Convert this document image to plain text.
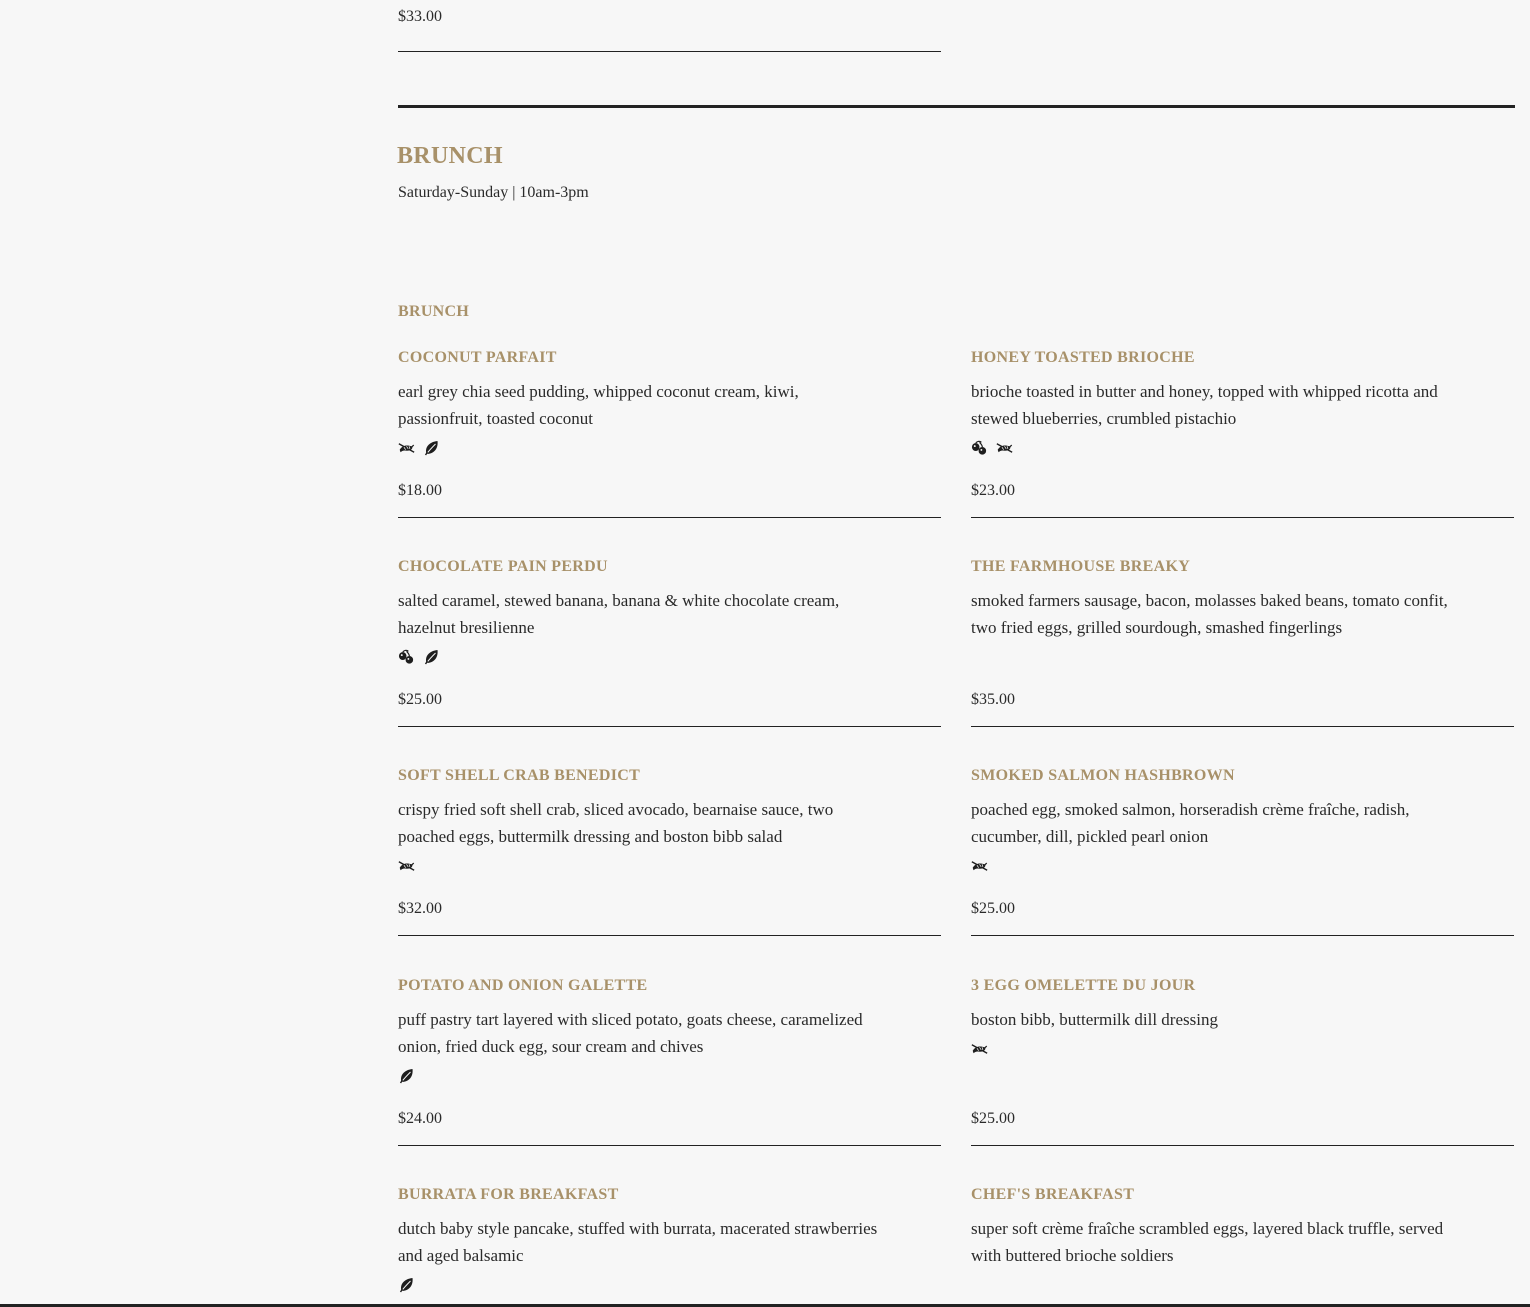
$33.00
BRUNCH
Saturday-Sunday | 10am-3pm
BRUNCH
COCONUT PARFAIT
earl grey chia seed pudding, whipped coconut cream, kiwi, passionfruit, toasted coconut
$18.00
HONEY TOASTED BRIOCHE
brioche toasted in butter and honey, topped with whipped ricotta and stewed blueberries, crumbled pistachio
$23.00
CHOCOLATE PAIN PERDU
salted caramel, stewed banana, banana & white chocolate cream, hazelnut bresilienne
$25.00
THE FARMHOUSE BREAKY
smoked farmers sausage, bacon, molasses baked beans, tomato confit, two fried eggs, grilled sourdough, smashed fingerlings
$35.00
SOFT SHELL CRAB BENEDICT
crispy fried soft shell crab, sliced avocado, bearnaise sauce, two poached eggs, buttermilk dressing and boston bibb salad
$32.00
SMOKED SALMON HASHBROWN
poached egg, smoked salmon, horseradish crème fraîche, radish, cucumber, dill, pickled pearl onion
$25.00
POTATO AND ONION GALETTE
puff pastry tart layered with sliced potato, goats cheese, caramelized onion, fried duck egg, sour cream and chives
$24.00
3 EGG OMELETTE DU JOUR
boston bibb, buttermilk dill dressing
$25.00
BURRATA FOR BREAKFAST
dutch baby style pancake, stuffed with burrata, macerated strawberries and aged balsamic
CHEF'S BREAKFAST
super soft crème fraîche scrambled eggs, layered black truffle, served with buttered brioche soldiers
